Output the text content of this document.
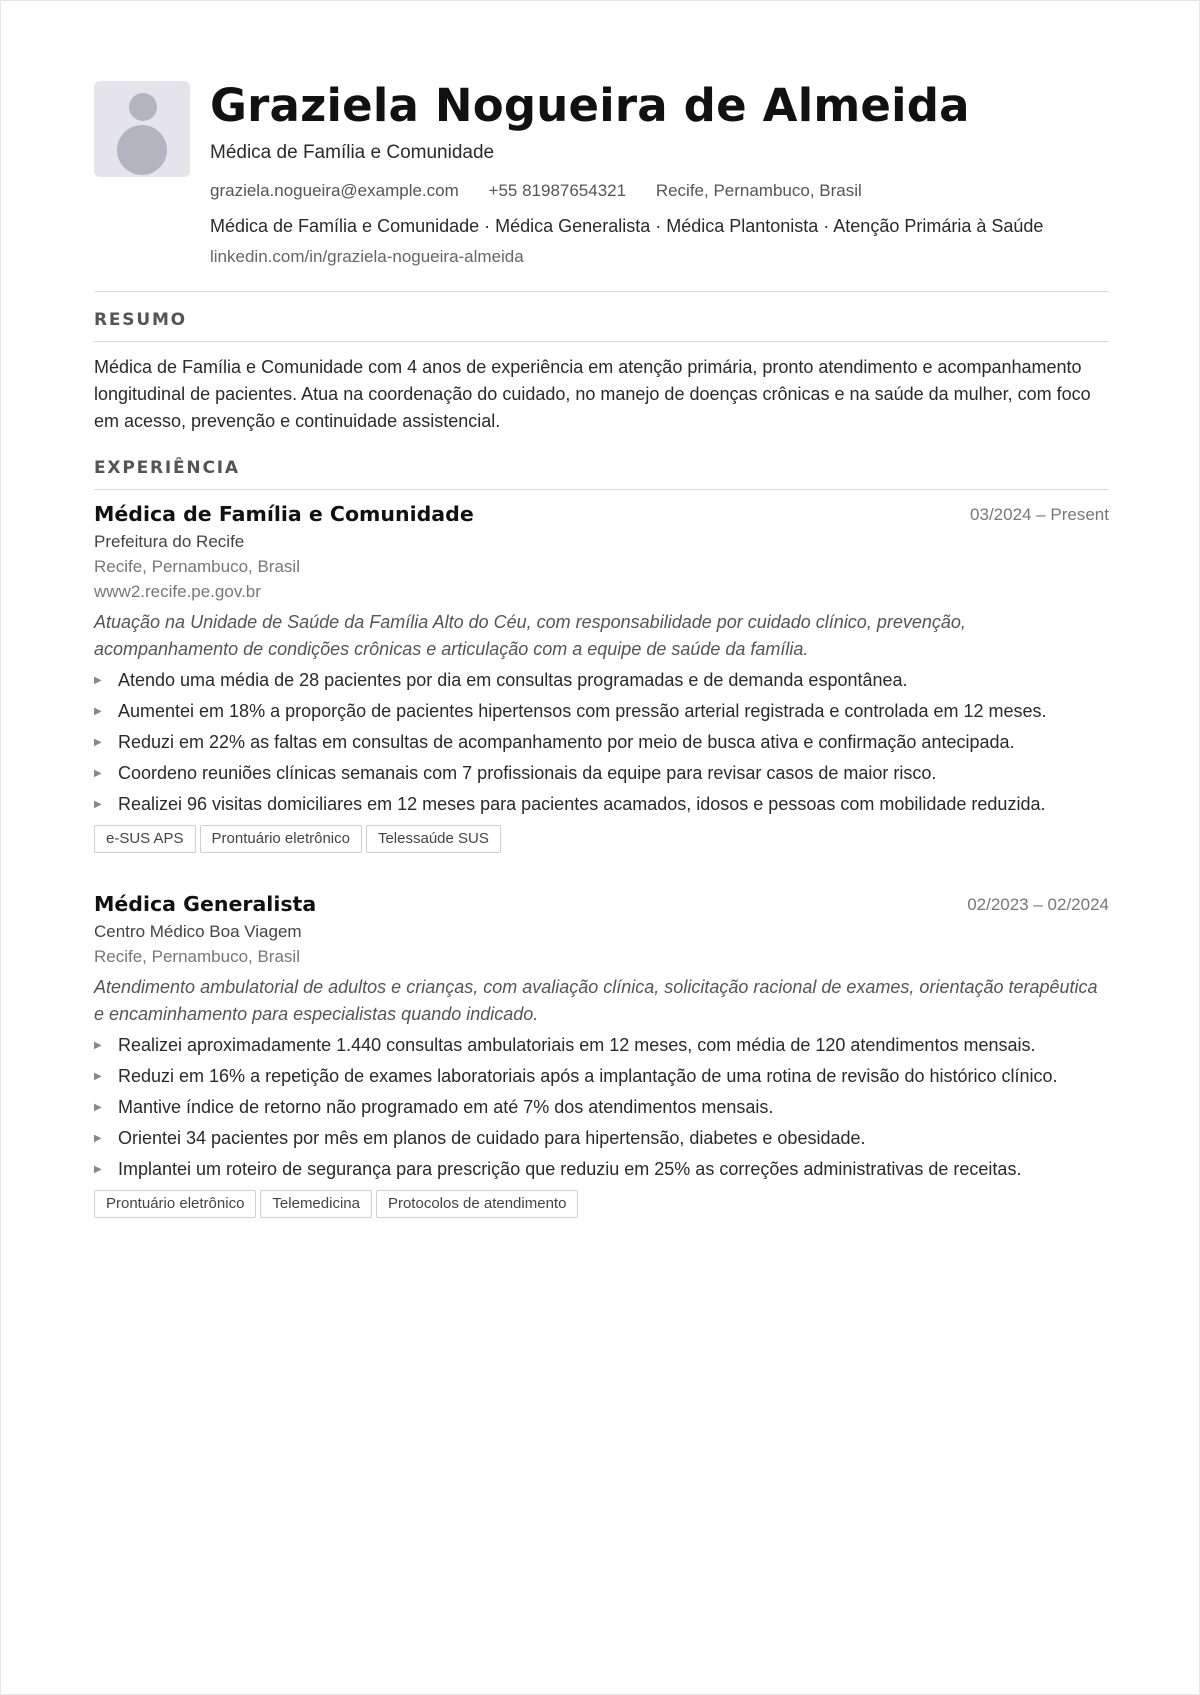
Graziela Nogueira de Almeida
Médica de Família e Comunidade
graziela.nogueira@example.com +55 81987654321 Recife, Pernambuco, Brasil
Médica de Família e Comunidade · Médica Generalista · Médica Plantonista · Atenção Primária à Saúde
linkedin.com/in/graziela-nogueira-almeida
RESUMO
Médica de Família e Comunidade com 4 anos de experiência em atenção primária, pronto atendimento e acompanhamento longitudinal de pacientes. Atua na coordenação do cuidado, no manejo de doenças crônicas e na saúde da mulher, com foco em acesso, prevenção e continuidade assistencial.
EXPERIÊNCIA
Médica de Família e Comunidade	03/2024 – Present
Prefeitura do Recife
Recife, Pernambuco, Brasil
www2.recife.pe.gov.br
Atuação na Unidade de Saúde da Família Alto do Céu, com responsabilidade por cuidado clínico, prevenção, acompanhamento de condições crônicas e articulação com a equipe de saúde da família.
▶ Atendo uma média de 28 pacientes por dia em consultas programadas e de demanda espontânea.
▶ Aumentei em 18% a proporção de pacientes hipertensos com pressão arterial registrada e controlada em 12 meses.
▶ Reduzi em 22% as faltas em consultas de acompanhamento por meio de busca ativa e confirmação antecipada.
▶ Coordeno reuniões clínicas semanais com 7 profissionais da equipe para revisar casos de maior risco.
▶ Realizei 96 visitas domiciliares em 12 meses para pacientes acamados, idosos e pessoas com mobilidade reduzida.
e-SUS APS	Prontuário eletrônico	Telessaúde SUS
Médica Generalista	02/2023 – 02/2024
Centro Médico Boa Viagem
Recife, Pernambuco, Brasil
Atendimento ambulatorial de adultos e crianças, com avaliação clínica, solicitação racional de exames, orientação terapêutica e encaminhamento para especialistas quando indicado.
▶ Realizei aproximadamente 1.440 consultas ambulatoriais em 12 meses, com média de 120 atendimentos mensais.
▶ Reduzi em 16% a repetição de exames laboratoriais após a implantação de uma rotina de revisão do histórico clínico.
▶ Mantive índice de retorno não programado em até 7% dos atendimentos mensais.
▶ Orientei 34 pacientes por mês em planos de cuidado para hipertensão, diabetes e obesidade.
▶ Implantei um roteiro de segurança para prescrição que reduziu em 25% as correções administrativas de receitas.
Prontuário eletrônico	Telemedicina	Protocolos de atendimento
